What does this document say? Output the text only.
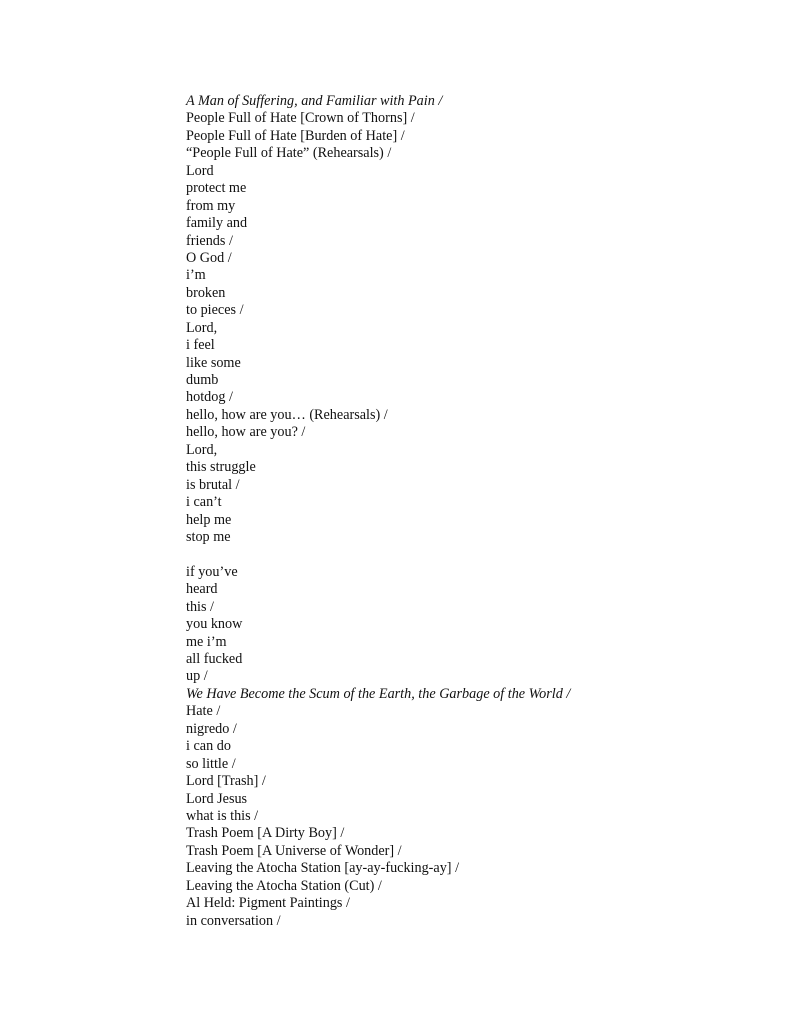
A Man of Suffering, and Familiar with Pain /
People Full of Hate [Crown of Thorns] /
People Full of Hate [Burden of Hate] /
“People Full of Hate” (Rehearsals) /
Lord
protect me
from my
family and
friends /
O God /
i’m
broken
to pieces /
Lord,
i feel
like some
dumb
hotdog /
hello, how are you… (Rehearsals) /
hello, how are you? /
Lord,
this struggle
is brutal /
i can’t
help me
stop me
if you’ve
heard
this /
you know
me i’m
all fucked
up /
We Have Become the Scum of the Earth, the Garbage of the World /
Hate /
nigredo /
i can do
so little /
Lord [Trash] /
Lord Jesus
what is this /
Trash Poem [A Dirty Boy] /
Trash Poem [A Universe of Wonder] /
Leaving the Atocha Station [ay-ay-fucking-ay] /
Leaving the Atocha Station (Cut) /
Al Held: Pigment Paintings /
in conversation /
